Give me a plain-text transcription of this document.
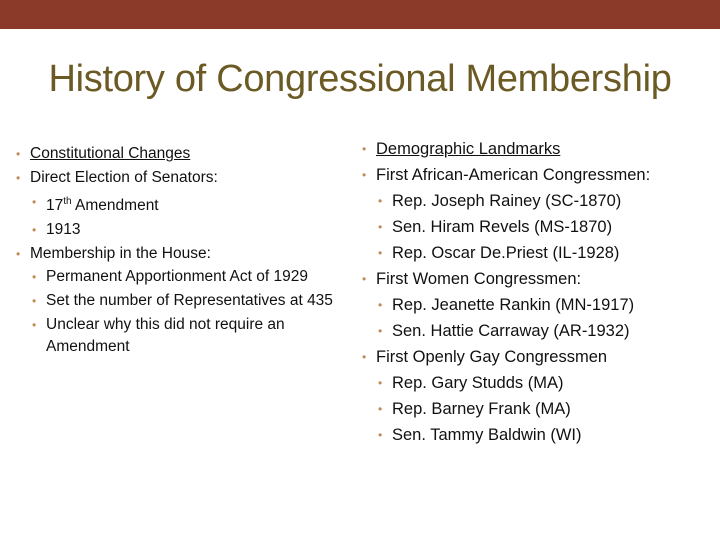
History of Congressional Membership
• Constitutional Changes
• Direct Election of Senators:
• 17th Amendment
• 1913
• Membership in the House:
• Permanent Apportionment Act of 1929
• Set the number of Representatives at 435
• Unclear why this did not require an Amendment
• Demographic Landmarks
• First African-American Congressmen:
• Rep. Joseph Rainey (SC-1870)
• Sen. Hiram Revels (MS-1870)
• Rep. Oscar De.Priest (IL-1928)
• First Women Congressmen:
• Rep. Jeanette Rankin (MN-1917)
• Sen. Hattie Carraway (AR-1932)
• First Openly Gay Congressmen
• Rep. Gary Studds (MA)
• Rep. Barney Frank (MA)
• Sen. Tammy Baldwin (WI)
